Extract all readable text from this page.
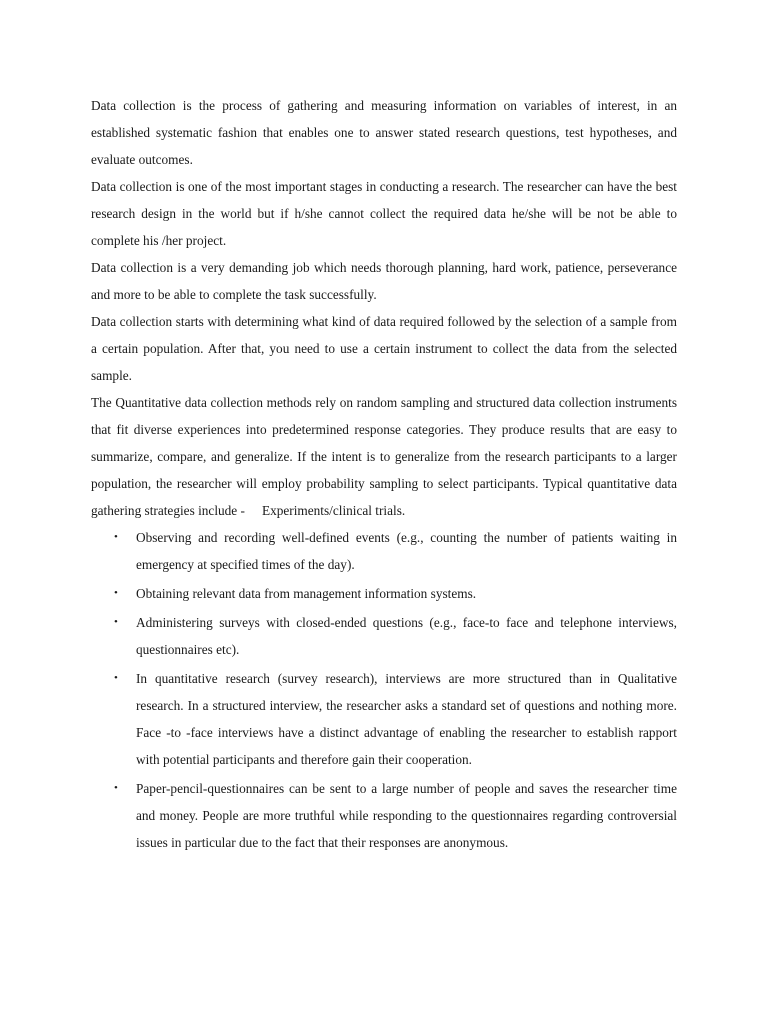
Data collection is the process of gathering and measuring information on variables of interest, in an established systematic fashion that enables one to answer stated research questions, test hypotheses, and evaluate outcomes.

Data collection is one of the most important stages in conducting a research. The researcher can have the best research design in the world but if h/she cannot collect the required data he/she will be not be able to complete his /her project.

Data collection is a very demanding job which needs thorough planning, hard work, patience, perseverance and more to be able to complete the task successfully.

Data collection starts with determining what kind of data required followed by the selection of a sample from a certain population. After that, you need to use a certain instrument to collect the data from the selected sample.

The Quantitative data collection methods rely on random sampling and structured data collection instruments that fit diverse experiences into predetermined response categories. They produce results that are easy to summarize, compare, and generalize. If the intent is to generalize from the research participants to a larger population, the researcher will employ probability sampling to select participants. Typical quantitative data gathering strategies include - Experiments/clinical trials.

• Observing and recording well-defined events (e.g., counting the number of patients waiting in emergency at specified times of the day).
• Obtaining relevant data from management information systems.
• Administering surveys with closed-ended questions (e.g., face-to face and telephone interviews, questionnaires etc).
• In quantitative research (survey research), interviews are more structured than in Qualitative research. In a structured interview, the researcher asks a standard set of questions and nothing more. Face -to -face interviews have a distinct advantage of enabling the researcher to establish rapport with potential participants and therefore gain their cooperation.
• Paper-pencil-questionnaires can be sent to a large number of people and saves the researcher time and money. People are more truthful while responding to the questionnaires regarding controversial issues in particular due to the fact that their responses are anonymous.
